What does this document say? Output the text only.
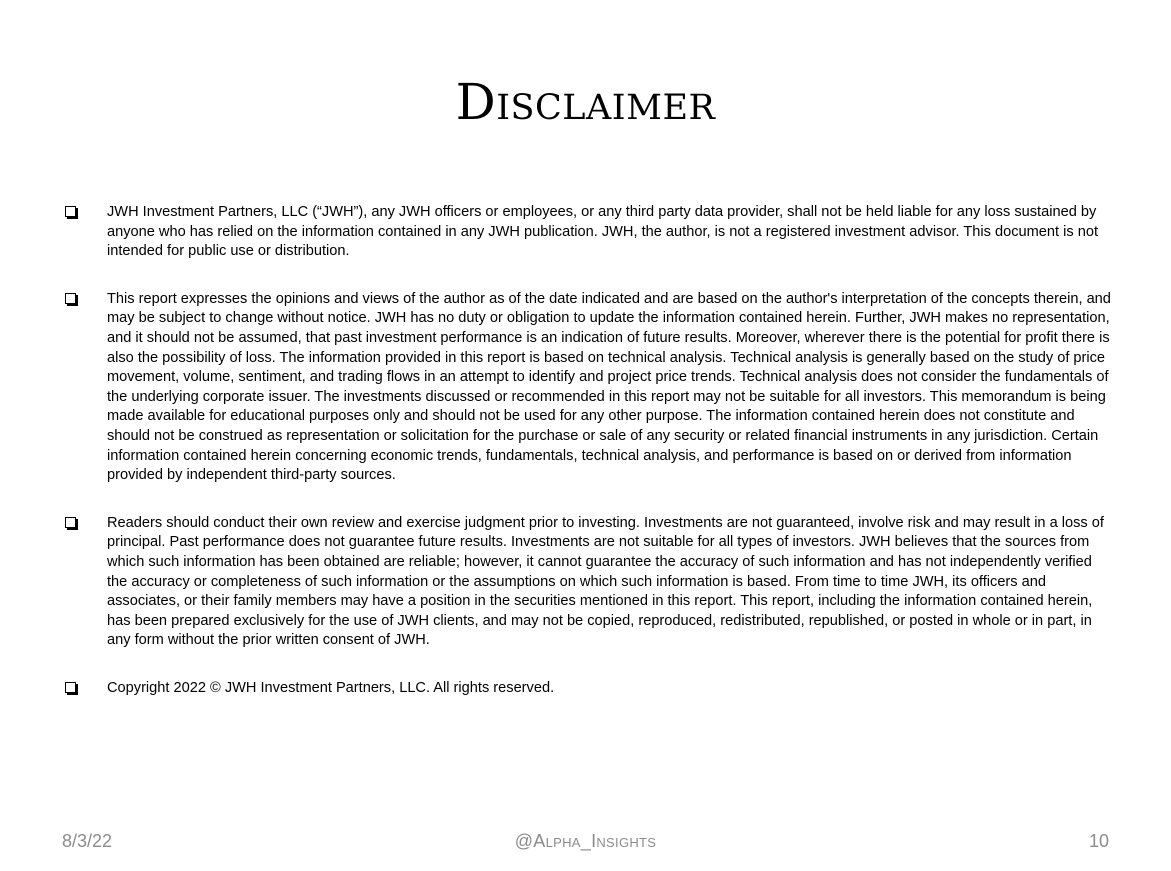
Disclaimer
JWH Investment Partners, LLC (“JWH”), any JWH officers or employees, or any third party data provider, shall not be held liable for any loss sustained by anyone who has relied on the information contained in any JWH publication. JWH, the author, is not a registered investment advisor. This document is not intended for public use or distribution.
This report expresses the opinions and views of the author as of the date indicated and are based on the author's interpretation of the concepts therein, and may be subject to change without notice. JWH has no duty or obligation to update the information contained herein. Further, JWH makes no representation, and it should not be assumed, that past investment performance is an indication of future results. Moreover, wherever there is the potential for profit there is also the possibility of loss. The information provided in this report is based on technical analysis. Technical analysis is generally based on the study of price movement, volume, sentiment, and trading flows in an attempt to identify and project price trends. Technical analysis does not consider the fundamentals of the underlying corporate issuer. The investments discussed or recommended in this report may not be suitable for all investors. This memorandum is being made available for educational purposes only and should not be used for any other purpose. The information contained herein does not constitute and should not be construed as representation or solicitation for the purchase or sale of any security or related financial instruments in any jurisdiction. Certain information contained herein concerning economic trends, fundamentals, technical analysis, and performance is based on or derived from information provided by independent third-party sources.
Readers should conduct their own review and exercise judgment prior to investing. Investments are not guaranteed, involve risk and may result in a loss of principal. Past performance does not guarantee future results. Investments are not suitable for all types of investors. JWH believes that the sources from which such information has been obtained are reliable; however, it cannot guarantee the accuracy of such information and has not independently verified the accuracy or completeness of such information or the assumptions on which such information is based. From time to time JWH, its officers and associates, or their family members may have a position in the securities mentioned in this report. This report, including the information contained herein, has been prepared exclusively for the use of JWH clients, and may not be copied, reproduced, redistributed, republished, or posted in whole or in part, in any form without the prior written consent of JWH.
Copyright 2022 © JWH Investment Partners, LLC. All rights reserved.
8/3/22	@Alpha_Insights	10
